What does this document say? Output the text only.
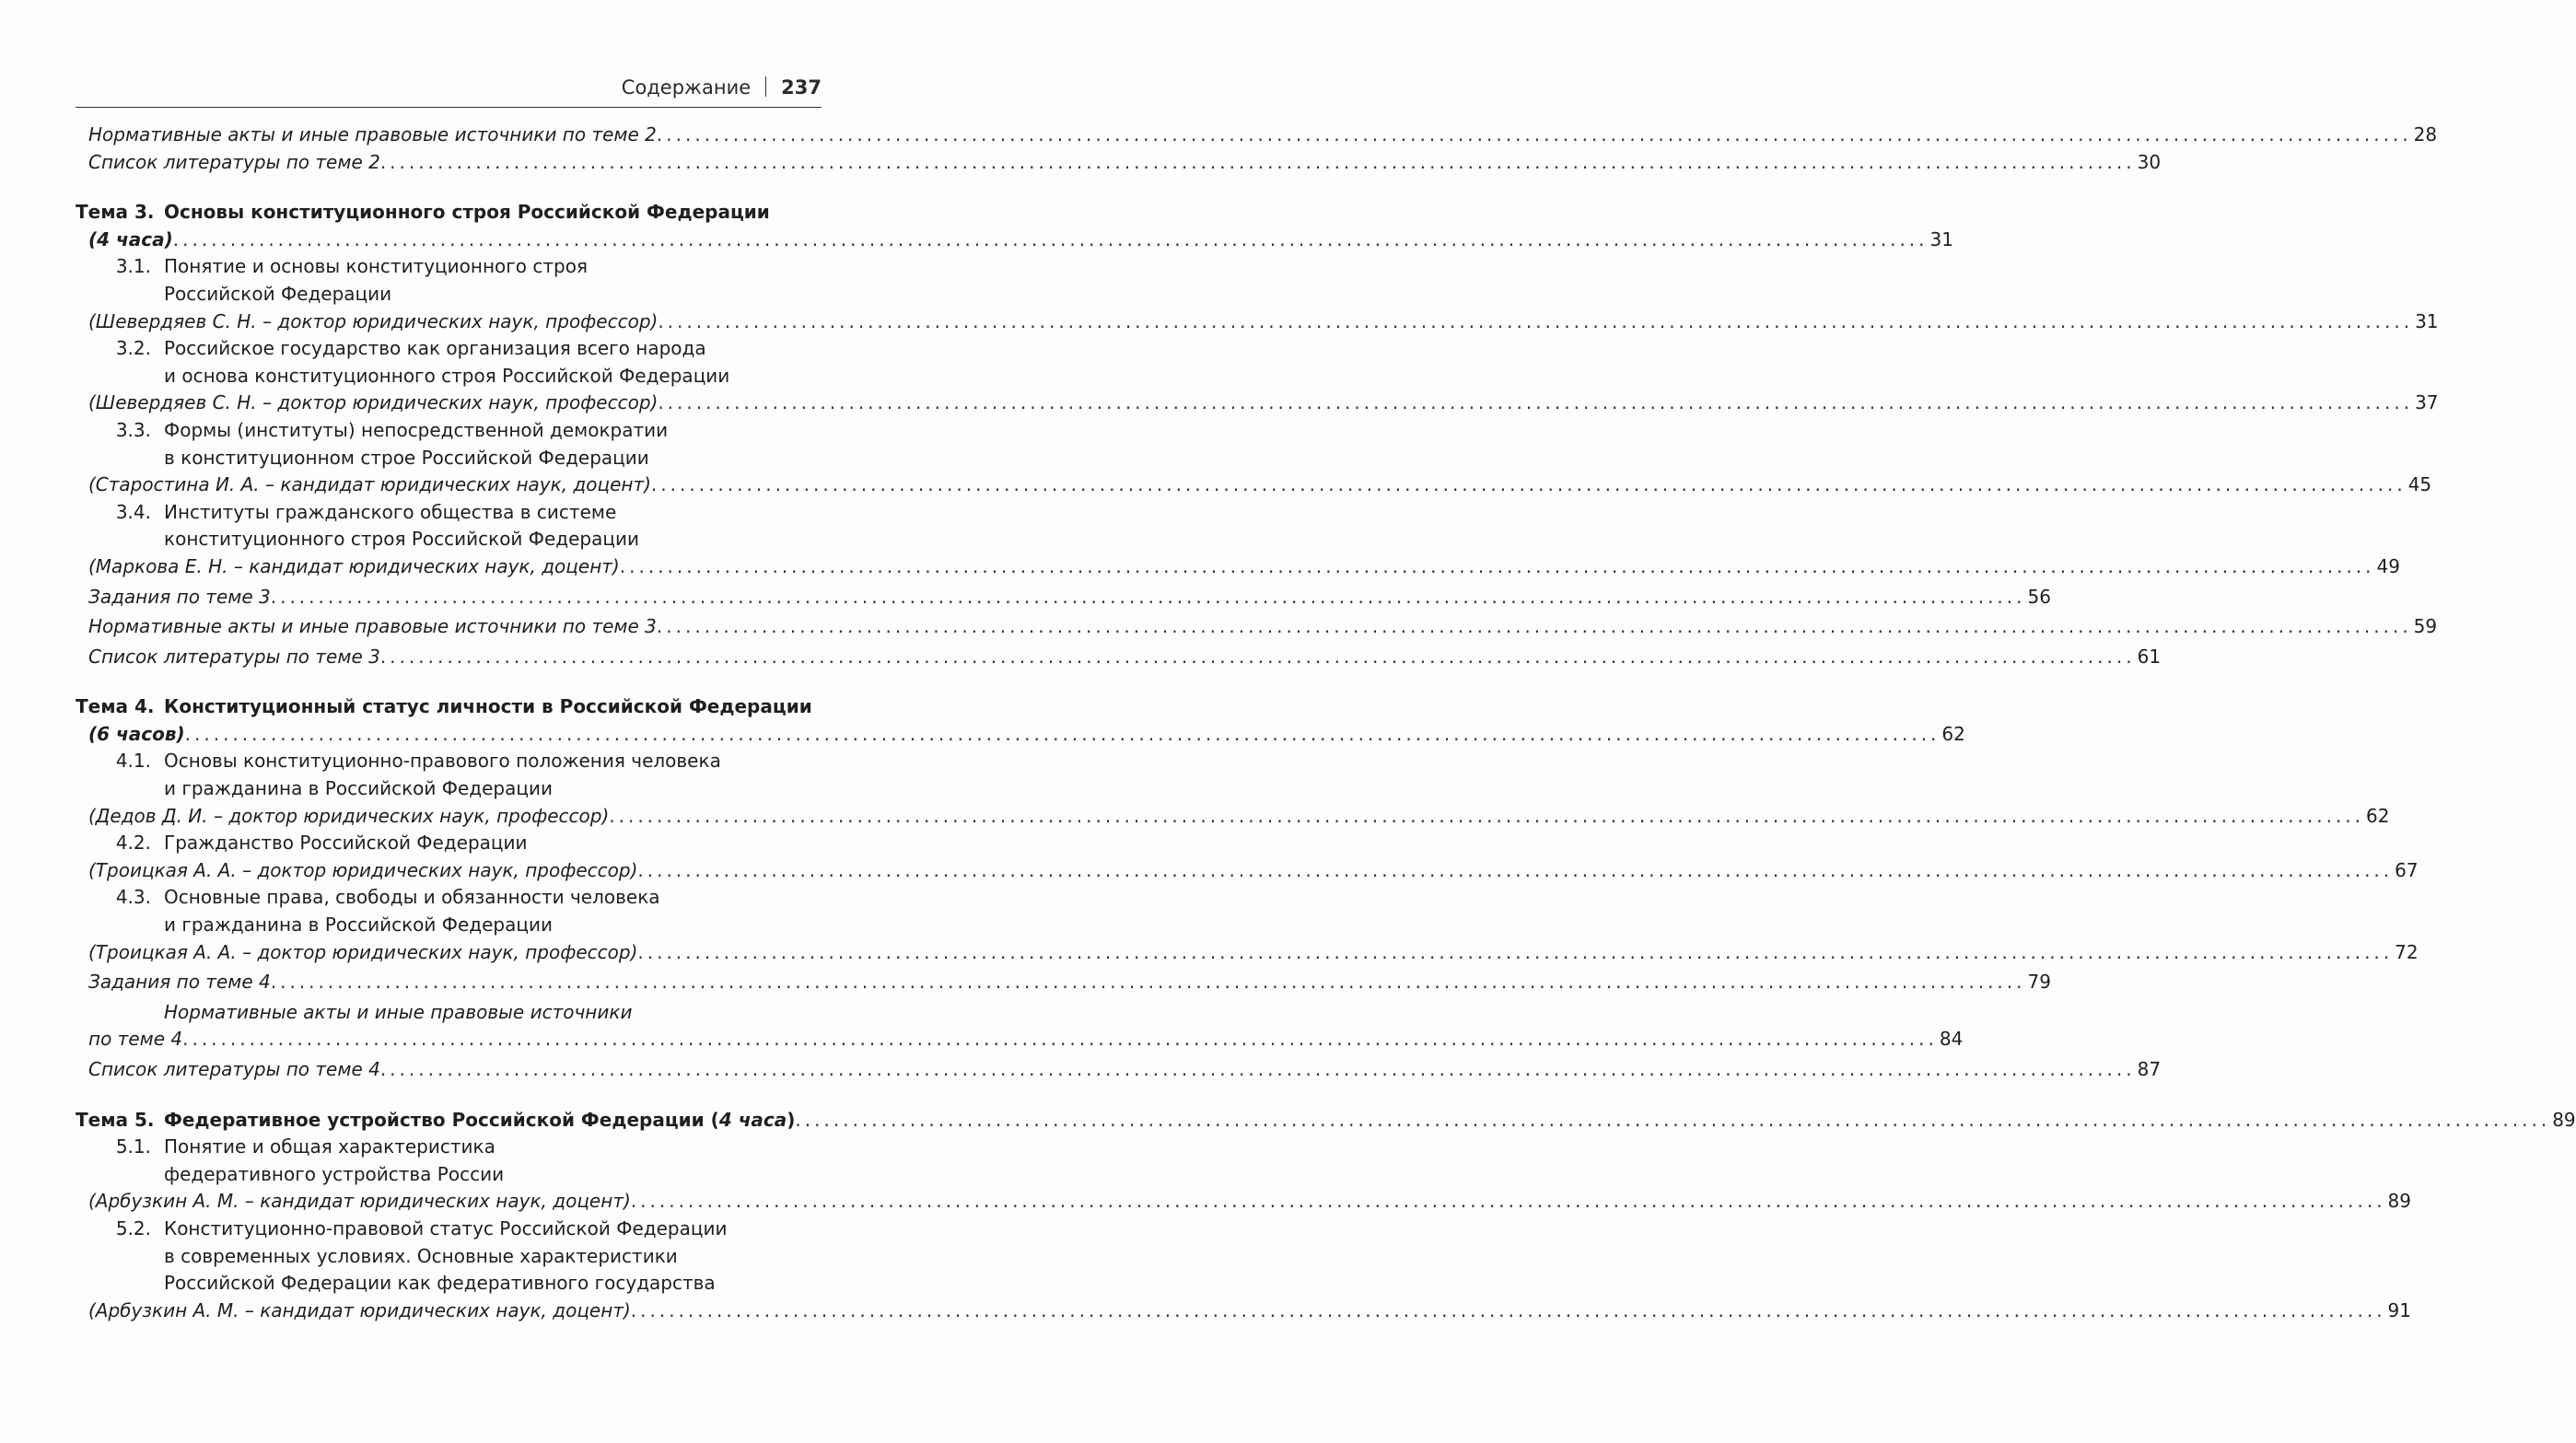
Содержание 237
Нормативные акты и иные правовые источники по теме 2 .....	28
Список литературы по теме 2 .....	30
Тема 3. Основы конституционного строя Российской Федерации
(4 часа) .....	31
3.1. Понятие и основы конституционного строя
Российской Федерации
(Шевердяев С. Н. – доктор юридических наук, профессор) .....	31
3.2. Российское государство как организация всего народа
и основа конституционного строя Российской Федерации
(Шевердяев С. Н. – доктор юридических наук, профессор) .....	37
3.3. Формы (институты) непосредственной демократии
в конституционном строе Российской Федерации
(Старостина И. А. – кандидат юридических наук, доцент) .....	45
3.4. Институты гражданского общества в системе
конституционного строя Российской Федерации
(Маркова Е. Н. – кандидат юридических наук, доцент) .....	49
Задания по теме 3 .....	56
Нормативные акты и иные правовые источники по теме 3 .....	59
Список литературы по теме 3 .....	61
Тема 4. Конституционный статус личности в Российской Федерации
(6 часов) .....	62
4.1. Основы конституционно-правового положения человека
и гражданина в Российской Федерации
(Дедов Д. И. – доктор юридических наук, профессор) .....	62
4.2. Гражданство Российской Федерации
(Троицкая А. А. – доктор юридических наук, профессор) .....	67
4.3. Основные права, свободы и обязанности человека
и гражданина в Российской Федерации
(Троицкая А. А. – доктор юридических наук, профессор) .....	72
Задания по теме 4 .....	79
Нормативные акты и иные правовые источники
по теме 4 .....	84
Список литературы по теме 4 .....	87
Тема 5. Федеративное устройство Российской Федерации (4 часа) .....	89
5.1. Понятие и общая характеристика
федеративного устройства России
(Арбузкин А. М. – кандидат юридических наук, доцент) .....	89
5.2. Конституционно-правовой статус Российской Федерации
в современных условиях. Основные характеристики
Российской Федерации как федеративного государства
(Арбузкин А. М. – кандидат юридических наук, доцент) .....	91
